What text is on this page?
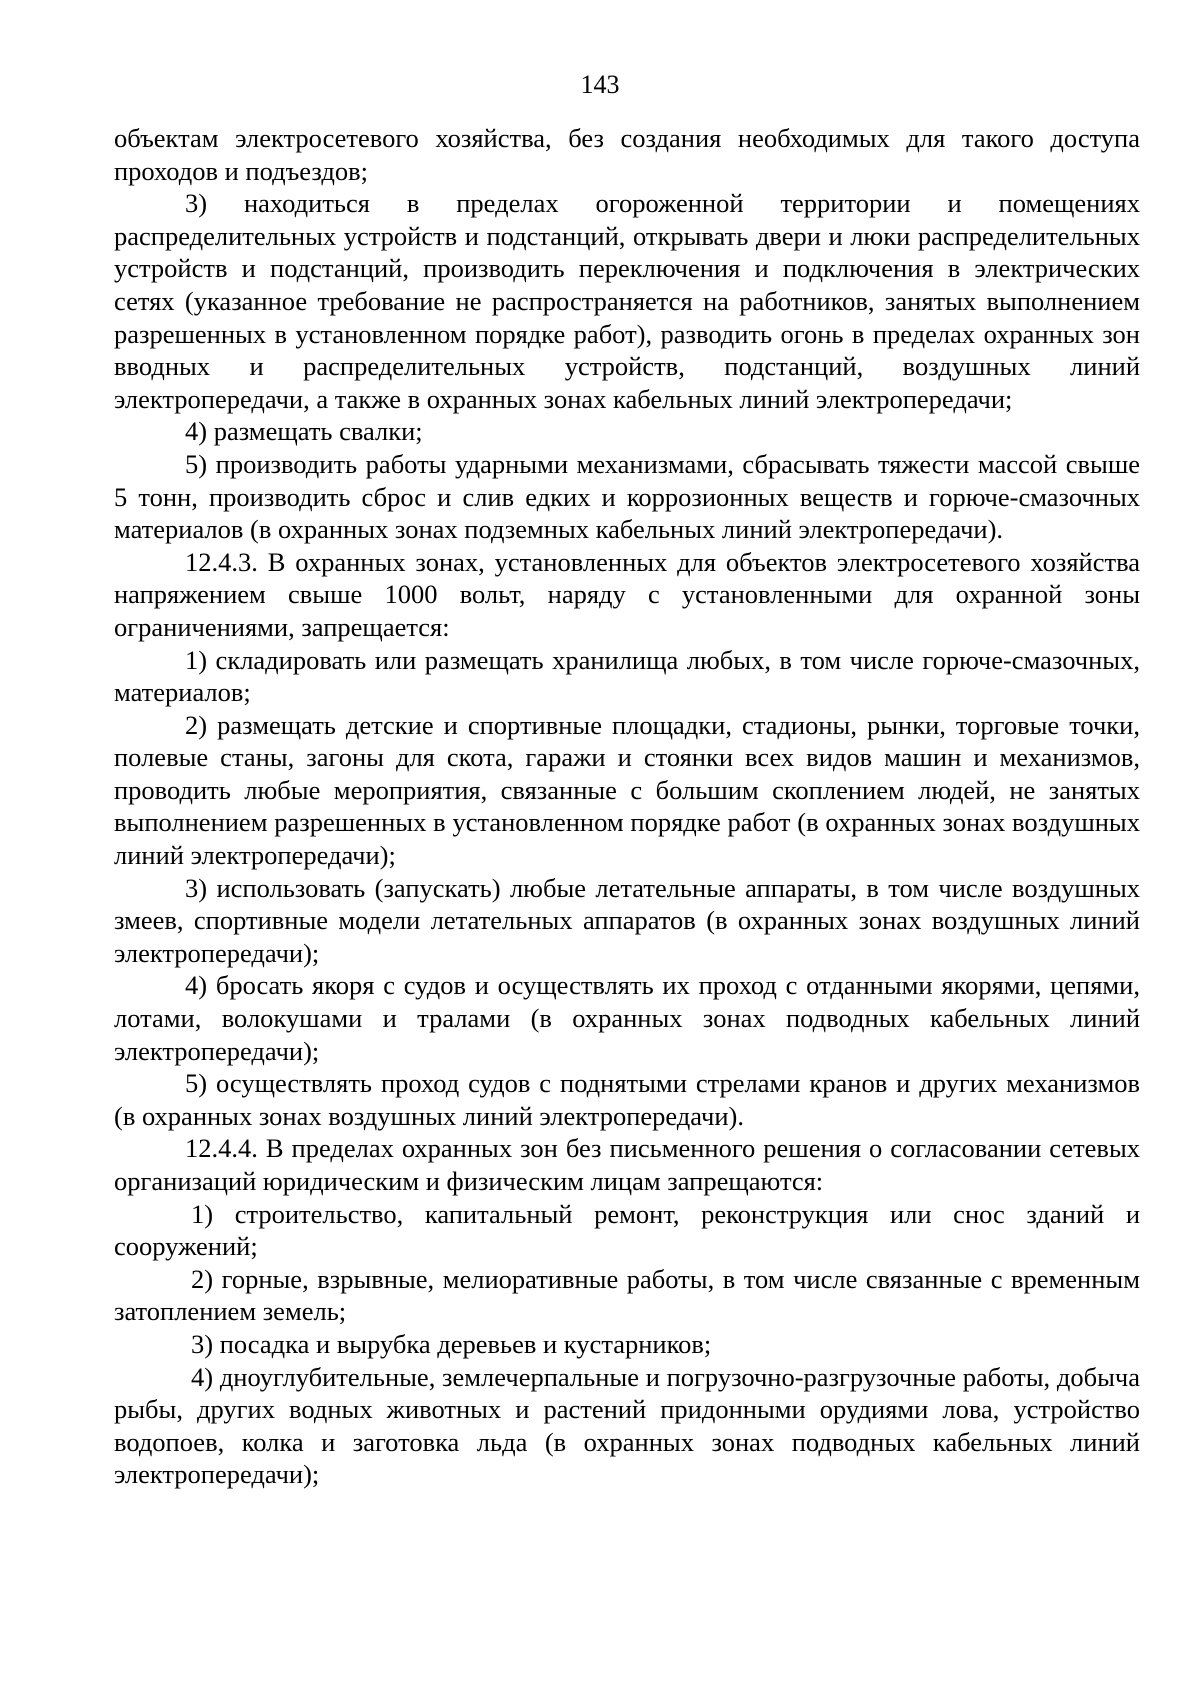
143

объектам электросетевого хозяйства, без создания необходимых для такого доступа проходов и подъездов;

3) находиться в пределах огороженной территории и помещениях распределительных устройств и подстанций, открывать двери и люки распределительных устройств и подстанций, производить переключения и подключения в электрических сетях (указанное требование не распространяется на работников, занятых выполнением разрешенных в установленном порядке работ), разводить огонь в пределах охранных зон вводных и распределительных устройств, подстанций, воздушных линий электропередачи, а также в охранных зонах кабельных линий электропередачи;

4) размещать свалки;

5) производить работы ударными механизмами, сбрасывать тяжести массой свыше 5 тонн, производить сброс и слив едких и коррозионных веществ и горюче-смазочных материалов (в охранных зонах подземных кабельных линий электропередачи).

12.4.3. В охранных зонах, установленных для объектов электросетевого хозяйства напряжением свыше 1000 вольт, наряду с установленными для охранной зоны ограничениями, запрещается:

1) складировать или размещать хранилища любых, в том числе горюче-смазочных, материалов;

2) размещать детские и спортивные площадки, стадионы, рынки, торговые точки, полевые станы, загоны для скота, гаражи и стоянки всех видов машин и механизмов, проводить любые мероприятия, связанные с большим скоплением людей, не занятых выполнением разрешенных в установленном порядке работ (в охранных зонах воздушных линий электропередачи);

3) использовать (запускать) любые летательные аппараты, в том числе воздушных змеев, спортивные модели летательных аппаратов (в охранных зонах воздушных линий электропередачи);

4) бросать якоря с судов и осуществлять их проход с отданными якорями, цепями, лотами, волокушами и тралами (в охранных зонах подводных кабельных линий электропередачи);

5) осуществлять проход судов с поднятыми стрелами кранов и других механизмов (в охранных зонах воздушных линий электропередачи).

12.4.4. В пределах охранных зон без письменного решения о согласовании сетевых организаций юридическим и физическим лицам запрещаются:

1) строительство, капитальный ремонт, реконструкция или снос зданий и сооружений;

2) горные, взрывные, мелиоративные работы, в том числе связанные с временным затоплением земель;

3) посадка и вырубка деревьев и кустарников;

4) дноуглубительные, землечерпальные и погрузочно-разгрузочные работы, добыча рыбы, других водных животных и растений придонными орудиями лова, устройство водопоев, колка и заготовка льда (в охранных зонах подводных кабельных линий электропередачи);
